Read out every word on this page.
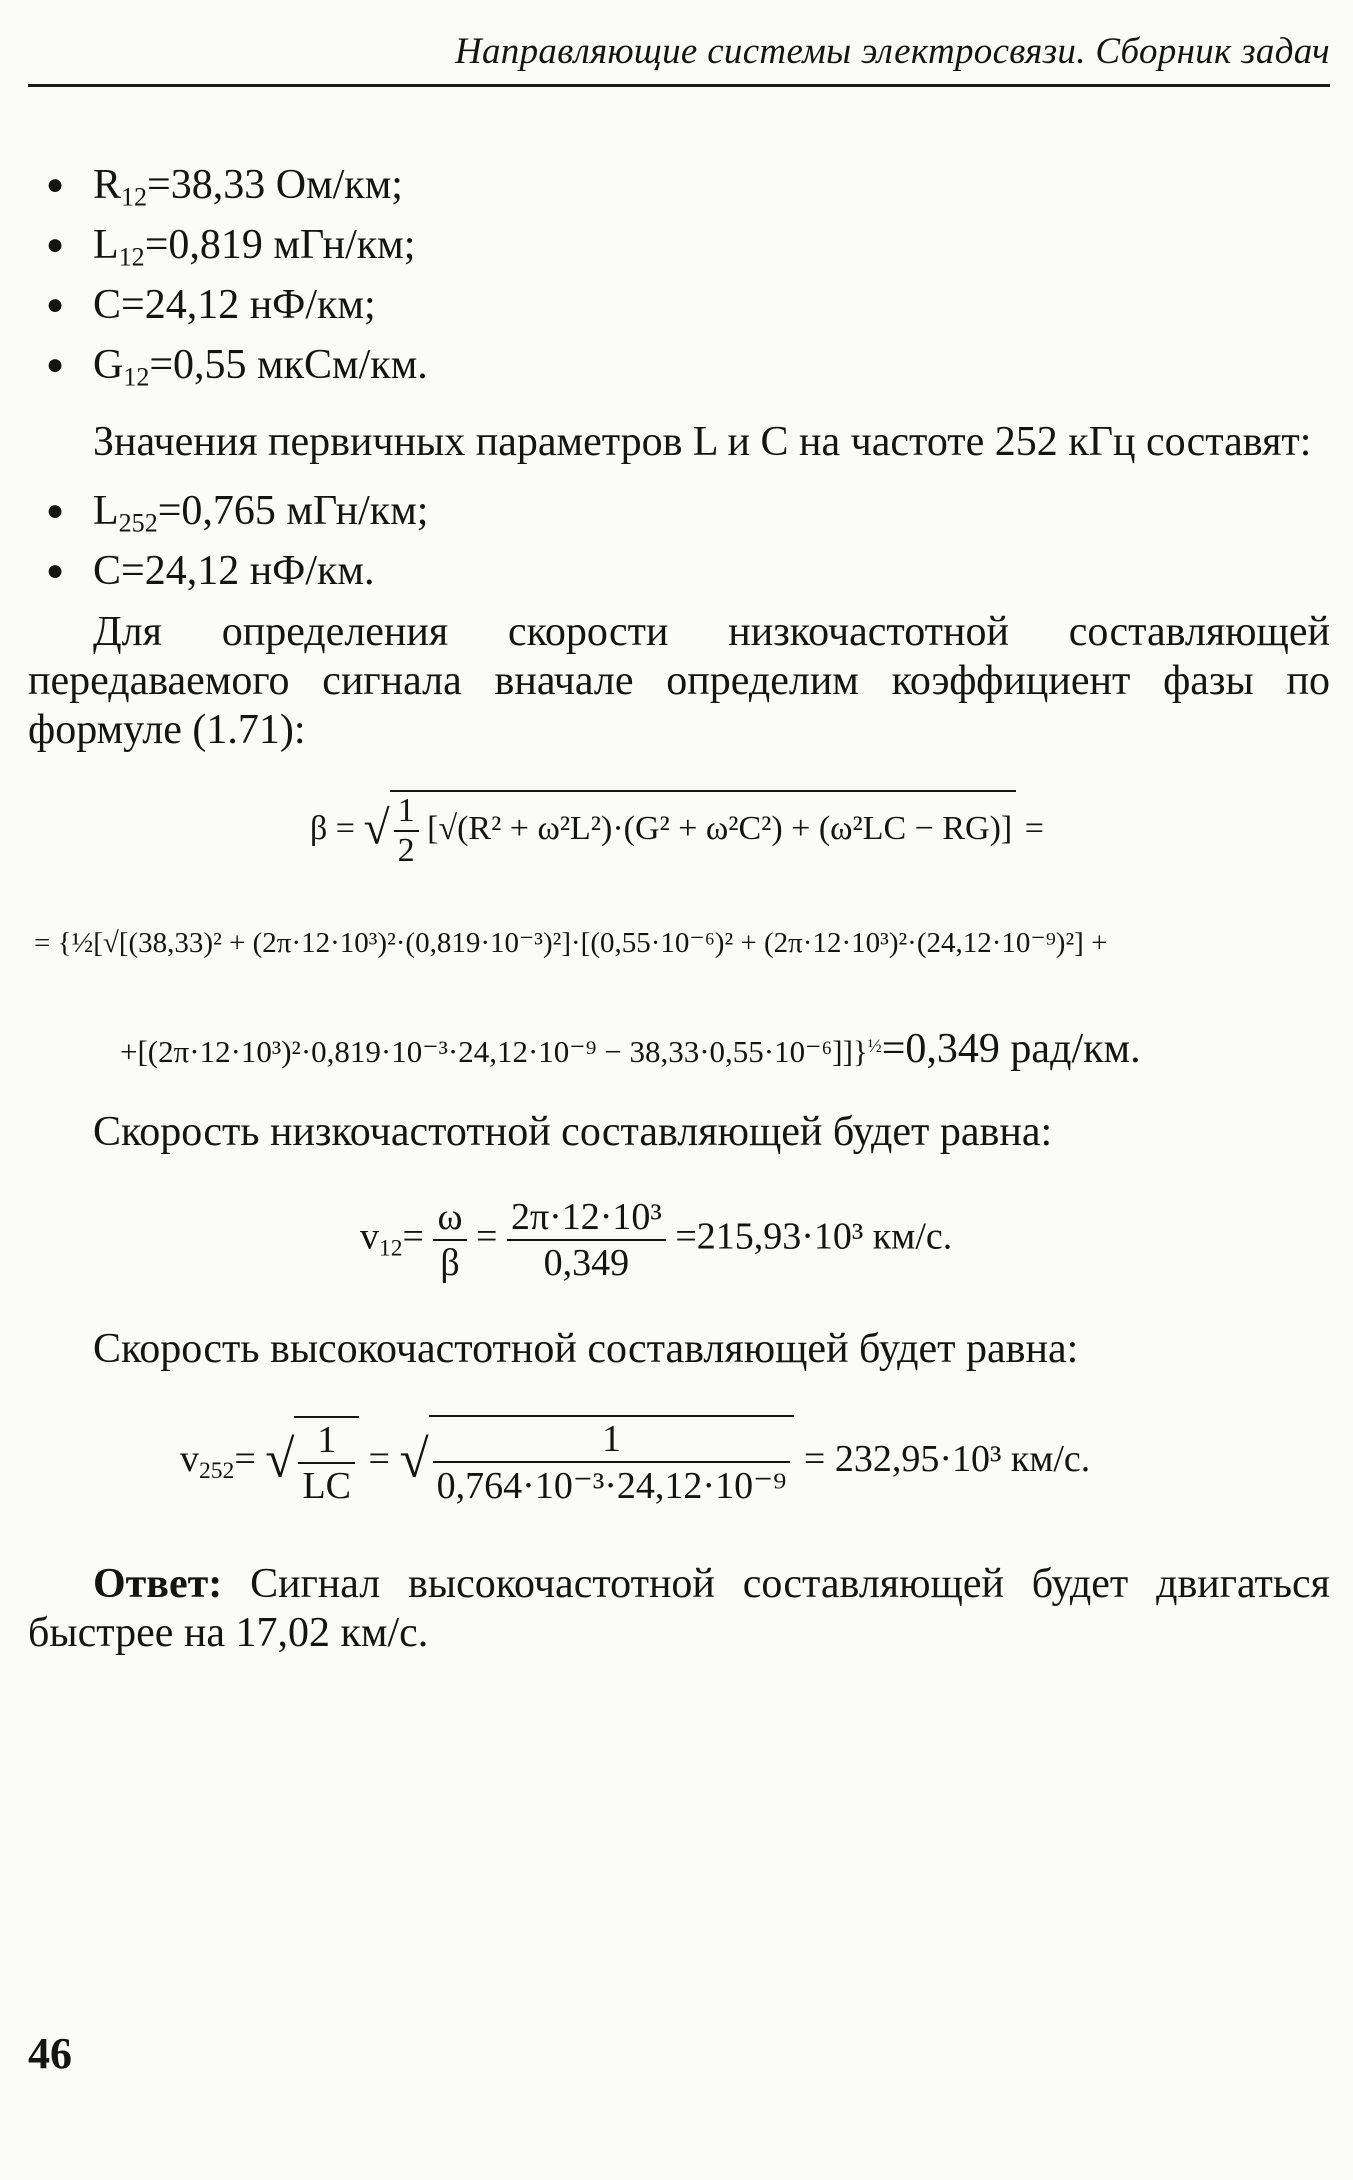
Направляющие системы электросвязи. Сборник задач
● $R_{12}=38,33$ Ом/км;
● $L_{12}=0,819$ мГн/км;
● C=24,12 нФ/км;
● $G_{12}=0,55$ мкСм/км.
Значения первичных параметров L и C на частоте 252 кГц составят:
● $L_{252}=0,765$ мГн/км;
● C=24,12 нФ/км.
Для определения скорости низкочастотной составляющей передаваемого сигнала вначале определим коэффициент фазы по формуле (1.71):
β = √ $\frac{1}{2} [√(R^2 + \omega^2L^2)\cdot(G^2 + \omega^2C^2) + (\omega^2LC - RG)]$ =
= {½[√[(38,33)² + (2π·12·10³)²·(0,819·10⁻³)²]·[(0,55·10⁻⁶)² + (2π·12·10³)²·(24,12·10⁻⁹)²] +
+[(2π·12·10³)²·0,819·10⁻³·24,12·10⁻⁹ − 38,33·0,55·10⁻⁶]]}$^{\frac{1}{2}}$=0,349 рад/км.
Скорость низкочастотной составляющей будет равна:
$v_{12}= \frac{\omega}{\beta} = \frac{\text{2π·12·10³}}{0,349} =215,93\cdot 10^3$ км/с.
Скорость высокочастотной составляющей будет равна:
$v_{252}=$ √ $\frac{1}{LC}$ = √ $\frac{1}{\text{0,764·10⁻³·24,12·10⁻⁹}} = 232,95\cdot 10^3$ км/с.
Ответ: Сигнал высокочастотной составляющей будет двигаться быстрее на 17,02 км/с.
46
